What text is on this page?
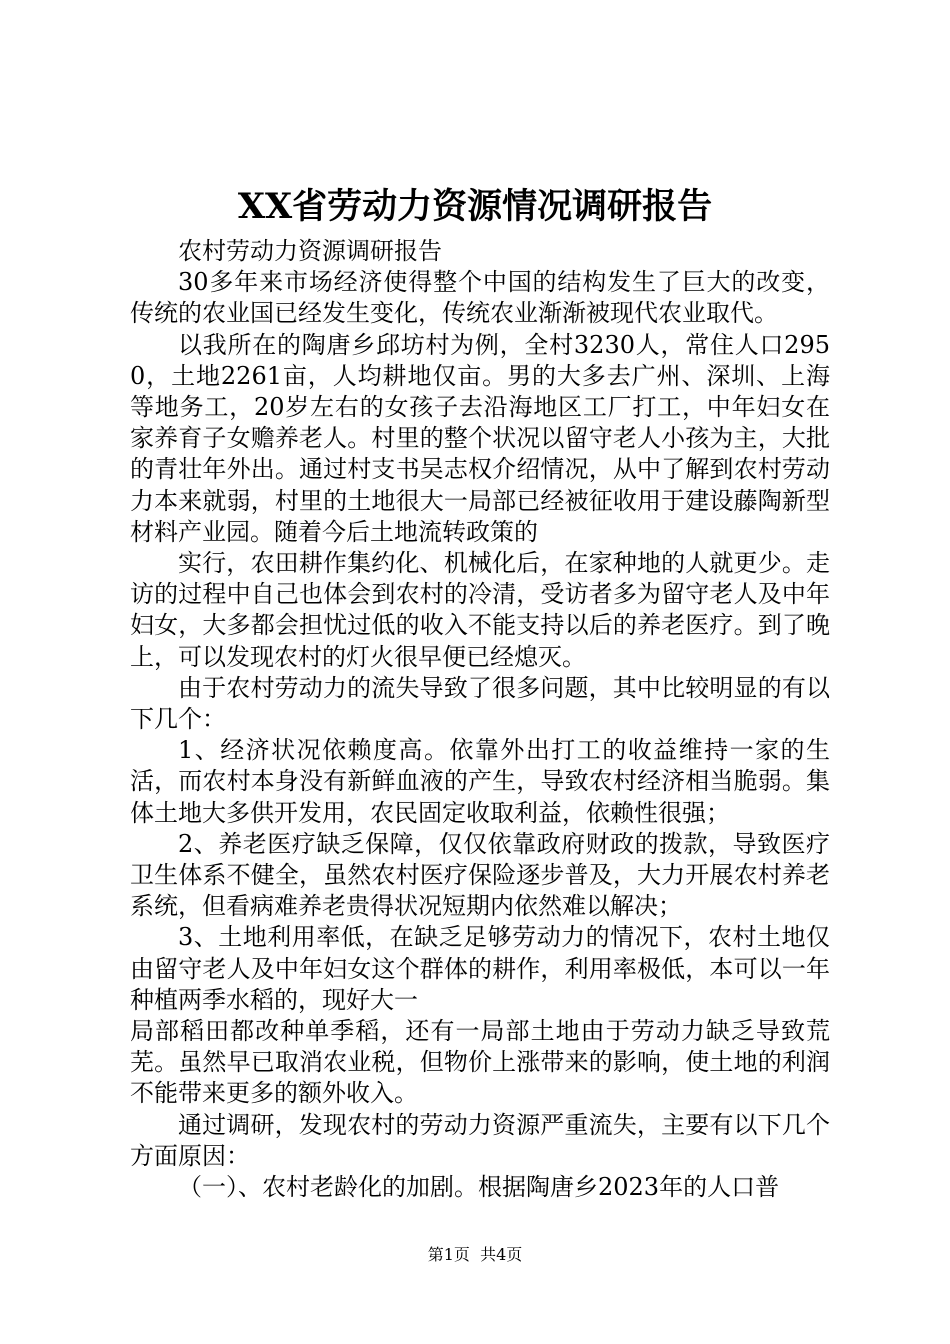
XX省劳动力资源情况调研报告

农村劳动力资源调研报告

30多年来市场经济使得整个中国的结构发生了巨大的改变，传统的农业国已经发生变化，传统农业渐渐被现代农业取代。

以我所在的陶唐乡邱坊村为例，全村3230人，常住人口2950，土地2261亩，人均耕地仅亩。男的大多去广州、深圳、上海等地务工，20岁左右的女孩子去沿海地区工厂打工，中年妇女在家养育子女赡养老人。村里的整个状况以留守老人小孩为主，大批的青壮年外出。通过村支书吴志权介绍情况，从中了解到农村劳动力本来就弱，村里的土地很大一局部已经被征收用于建设藤陶新型材料产业园。随着今后土地流转政策的

实行，农田耕作集约化、机械化后，在家种地的人就更少。走访的过程中自己也体会到农村的冷清，受访者多为留守老人及中年妇女，大多都会担忧过低的收入不能支持以后的养老医疗。到了晚上，可以发现农村的灯火很早便已经熄灭。

由于农村劳动力的流失导致了很多问题，其中比较明显的有以下几个：

1、经济状况依赖度高。依靠外出打工的收益维持一家的生活，而农村本身没有新鲜血液的产生，导致农村经济相当脆弱。集体土地大多供开发用，农民固定收取利益，依赖性很强；

2、养老医疗缺乏保障，仅仅依靠政府财政的拨款，导致医疗卫生体系不健全，虽然农村医疗保险逐步普及，大力开展农村养老系统，但看病难养老贵得状况短期内依然难以解决；

3、土地利用率低，在缺乏足够劳动力的情况下，农村土地仅由留守老人及中年妇女这个群体的耕作，利用率极低，本可以一年种植两季水稻的，现好大一

局部稻田都改种单季稻，还有一局部土地由于劳动力缺乏导致荒芜。虽然早已取消农业税，但物价上涨带来的影响，使土地的利润不能带来更多的额外收入。

通过调研，发现农村的劳动力资源严重流失，主要有以下几个方面原因：

（一）、农村老龄化的加剧。根据陶唐乡2023年的人口普

第1页  共4页
